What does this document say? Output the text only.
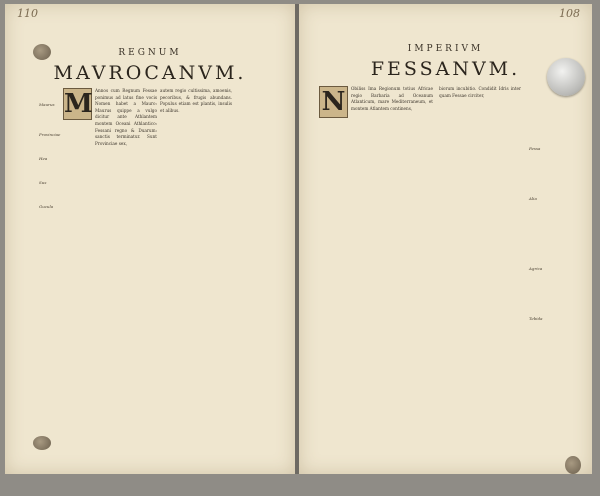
110
REGNUM
MAVROCANVM.
M Annos cum Regnum Fessae ponimus ad latus fine vocis Nomen habet a Mauro: Maurus quippe a vulgo dicitur ante Athlantem montem Oceani Athlantico: Fessani regno & Duarum: sanctis terminatur. Sunt Provinciae sex,
autem regio cultissima, amoenis, pecoribus, & frugis abundans. Populus etiam est plantis, insulis et alibus.
Maurus
Provinciae
Hea
Sus
Guzula
108
IMPERIVM
FESSANVM.
N	Obiliss Ima Regionum totius Africae regio Barbaria ad Oceanum Atlanticum, mare Mediterraneum, et montem Atlantem continens,
biorum incubitio. Condidit Idris inter quam Fessae circiter,
Fessa
Alia
Agrica
Tebida
